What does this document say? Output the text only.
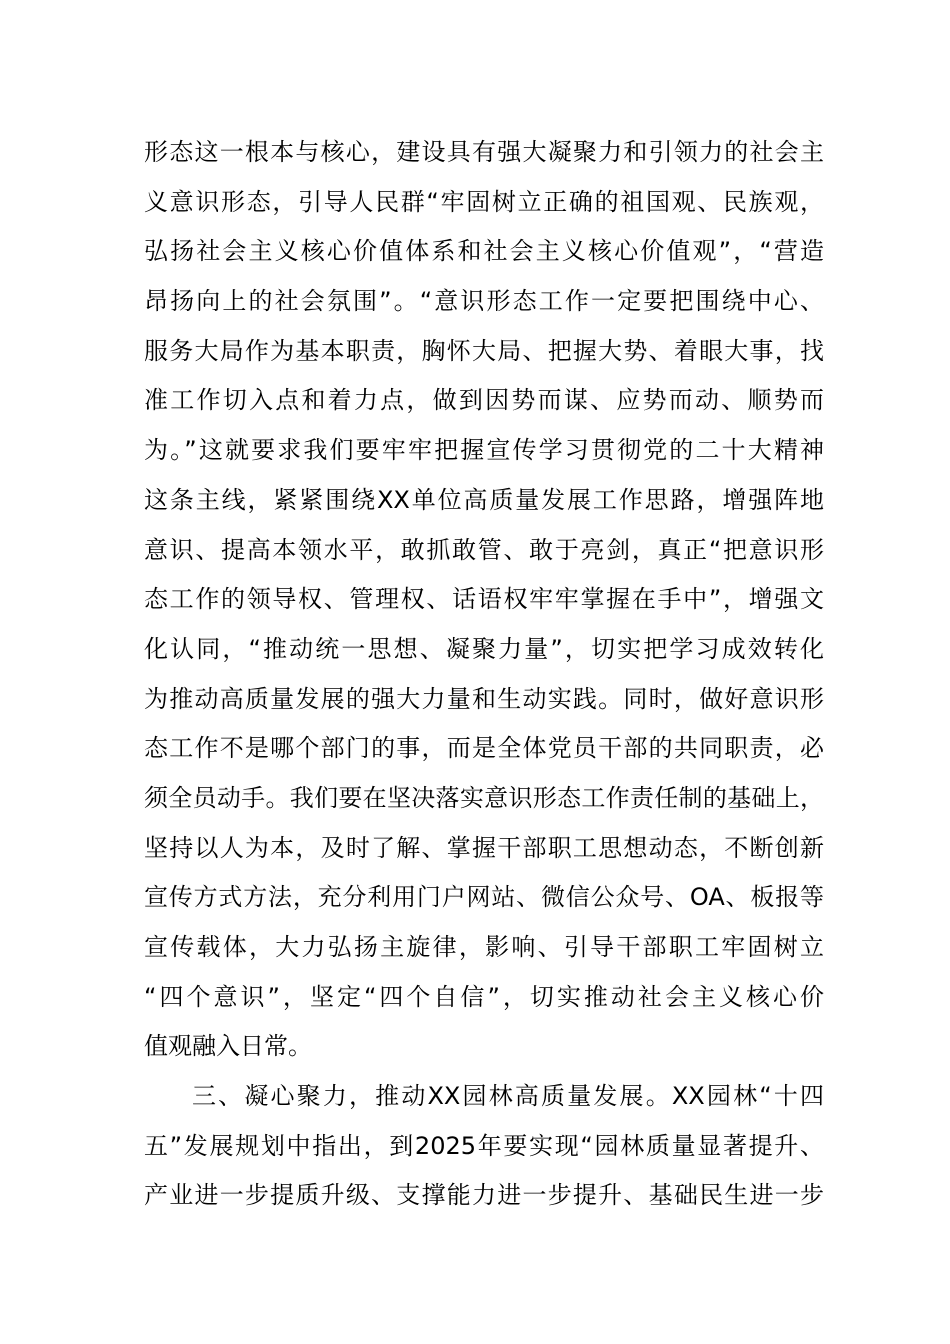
形态这一根本与核心，建设具有强大凝聚力和引领力的社会主
义意识形态，引导人民群“牢固树立正确的祖国观、民族观，
弘扬社会主义核心价值体系和社会主义核心价值观”，“营造
昂扬向上的社会氛围”。“意识形态工作一定要把围绕中心、
服务大局作为基本职责，胸怀大局、把握大势、着眼大事，找
准工作切入点和着力点，做到因势而谋、应势而动、顺势而
为。”这就要求我们要牢牢把握宣传学习贯彻党的二十大精神
这条主线，紧紧围绕XX单位高质量发展工作思路，增强阵地
意识、提高本领水平，敢抓敢管、敢于亮剑，真正“把意识形
态工作的领导权、管理权、话语权牢牢掌握在手中”，增强文
化认同，“推动统一思想、凝聚力量”，切实把学习成效转化
为推动高质量发展的强大力量和生动实践。同时，做好意识形
态工作不是哪个部门的事，而是全体党员干部的共同职责，必
须全员动手。我们要在坚决落实意识形态工作责任制的基础上，
坚持以人为本，及时了解、掌握干部职工思想动态，不断创新
宣传方式方法，充分利用门户网站、微信公众号、OA、板报等
宣传载体，大力弘扬主旋律，影响、引导干部职工牢固树立
“四个意识”，坚定“四个自信”，切实推动社会主义核心价
值观融入日常。
三、凝心聚力，推动XX园林高质量发展。XX园林“十四
五”发展规划中指出，到2025年要实现“园林质量显著提升、
产业进一步提质升级、支撑能力进一步提升、基础民生进一步
